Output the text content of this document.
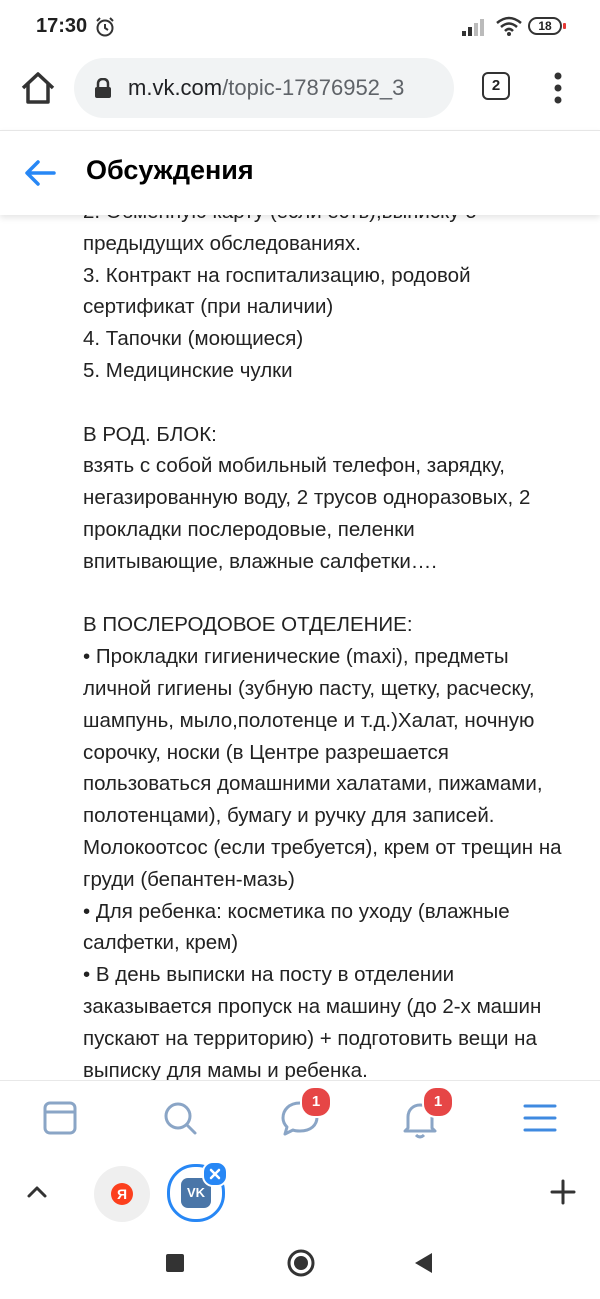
17:30	18
m.vk.com/topic-17876952_3	2
Обсуждения

предыдущих обследованиях.

3. Контракт на госпитализацию, родовой

сертификат (при наличии)

4. Тапочки (моющиеся)

5. Медицинские чулки

В РОД. БЛОК:

взять с собой мобильный телефон, зарядку,

негазированную воду, 2 трусов одноразовых, 2

прокладки послеродовые, пеленки

впитывающие, влажные салфетки….

В ПОСЛЕРОДОВОЕ ОТДЕЛЕНИЕ:

• Прокладки гигиенические (maxi), предметы

личной гигиены (зубную пасту, щетку, расческу,

шампунь, мыло,полотенце и т.д.)Халат, ночную

сорочку, носки (в Центре разрешается

пользоваться домашними халатами, пижамами,

полотенцами), бумагу и ручку для записей.

Молокоотсос (если требуется), крем от трещин на

груди (бепантен-мазь)

• Для ребенка: косметика по уходу (влажные

салфетки, крем)

• В день выписки на посту в отделении

заказывается пропуск на машину (до 2-х машин

пускают на территорию) + подготовить вещи на

выписку для мамы и ребенка.

1	1
Я	VK
